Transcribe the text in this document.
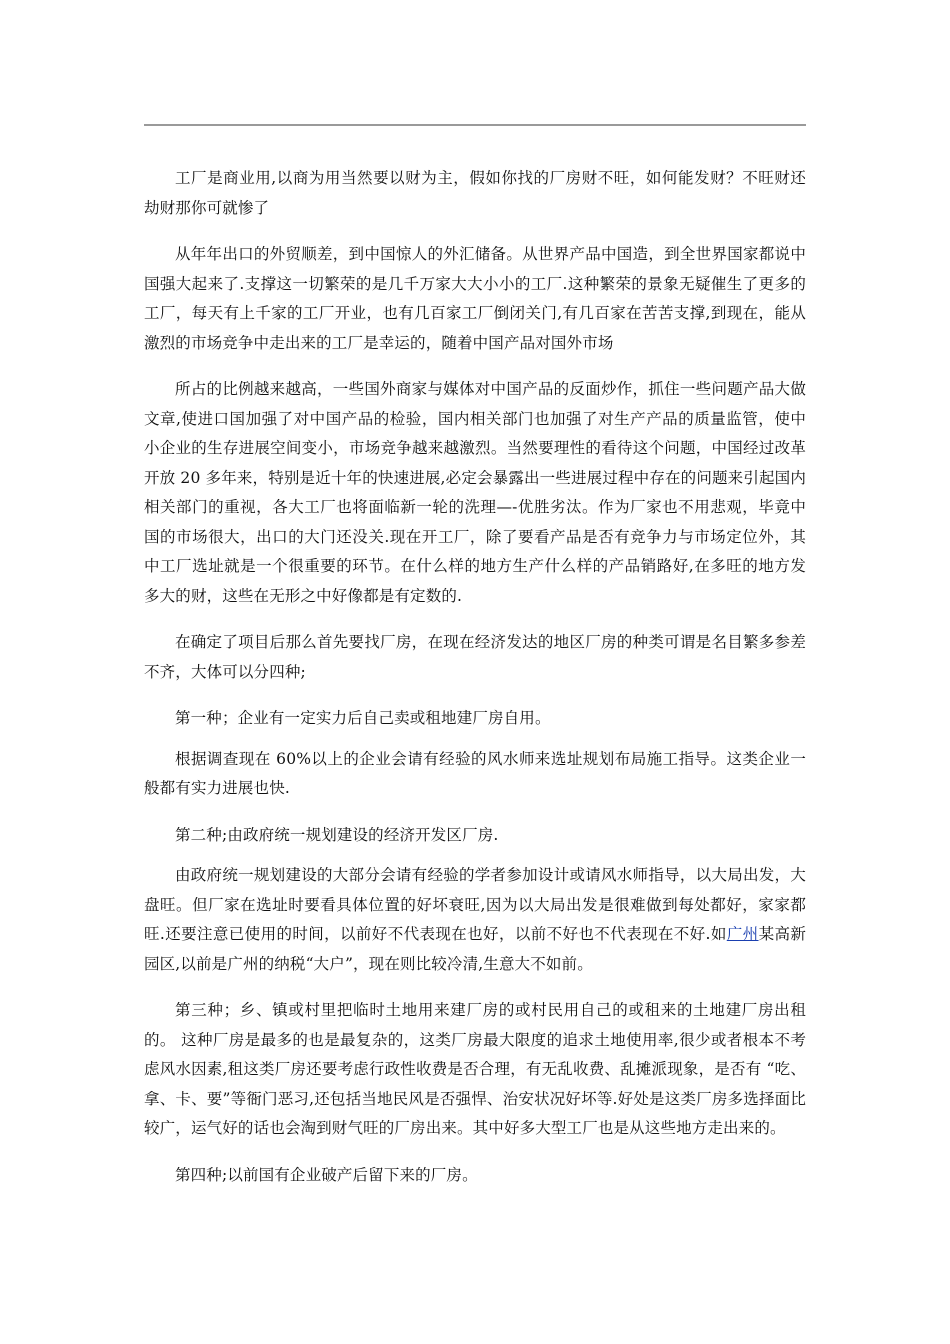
工厂是商业用,以商为用当然要以财为主，假如你找的厂房财不旺，如何能发财？不旺财还劫财那你可就惨了

从年年出口的外贸顺差，到中国惊人的外汇储备。从世界产品中国造，到全世界国家都说中国强大起来了.支撑这一切繁荣的是几千万家大大小小的工厂.这种繁荣的景象无疑催生了更多的工厂，每天有上千家的工厂开业，也有几百家工厂倒闭关门,有几百家在苦苦支撑,到现在，能从激烈的市场竞争中走出来的工厂是幸运的，随着中国产品对国外市场

所占的比例越来越高，一些国外商家与媒体对中国产品的反面炒作，抓住一些问题产品大做文章,使进口国加强了对中国产品的检验，国内相关部门也加强了对生产产品的质量监管，使中小企业的生存进展空间变小，市场竞争越来越激烈。当然要理性的看待这个问题，中国经过改革开放 20 多年来，特别是近十年的快速进展,必定会暴露出一些进展过程中存在的问题来引起国内相关部门的重视，各大工厂也将面临新一轮的洗理—-优胜劣汰。作为厂家也不用悲观，毕竟中国的市场很大，出口的大门还没关.现在开工厂，除了要看产品是否有竞争力与市场定位外，其中工厂选址就是一个很重要的环节。在什么样的地方生产什么样的产品销路好,在多旺的地方发多大的财，这些在无形之中好像都是有定数的.

在确定了项目后那么首先要找厂房，在现在经济发达的地区厂房的种类可谓是名目繁多参差不齐，大体可以分四种;

第一种；企业有一定实力后自己卖或租地建厂房自用。

根据调查现在 60%以上的企业会请有经验的风水师来选址规划布局施工指导。这类企业一般都有实力进展也快.

第二种;由政府统一规划建设的经济开发区厂房.

由政府统一规划建设的大部分会请有经验的学者参加设计或请风水师指导，以大局出发，大盘旺。但厂家在选址时要看具体位置的好坏衰旺,因为以大局出发是很难做到每处都好，家家都旺.还要注意已使用的时间，以前好不代表现在也好，以前不好也不代表现在不好.如广州某高新园区,以前是广州的纳税“大户”，现在则比较冷清,生意大不如前。

第三种；乡、镇或村里把临时土地用来建厂房的或村民用自己的或租来的土地建厂房出租的。 这种厂房是最多的也是最复杂的，这类厂房最大限度的追求土地使用率,很少或者根本不考虑风水因素,租这类厂房还要考虑行政性收费是否合理，有无乱收费、乱摊派现象，是否有 “吃、拿、卡、要”等衙门恶习,还包括当地民风是否强悍、治安状况好坏等.好处是这类厂房多选择面比较广，运气好的话也会淘到财气旺的厂房出来。其中好多大型工厂也是从这些地方走出来的。

第四种;以前国有企业破产后留下来的厂房。
